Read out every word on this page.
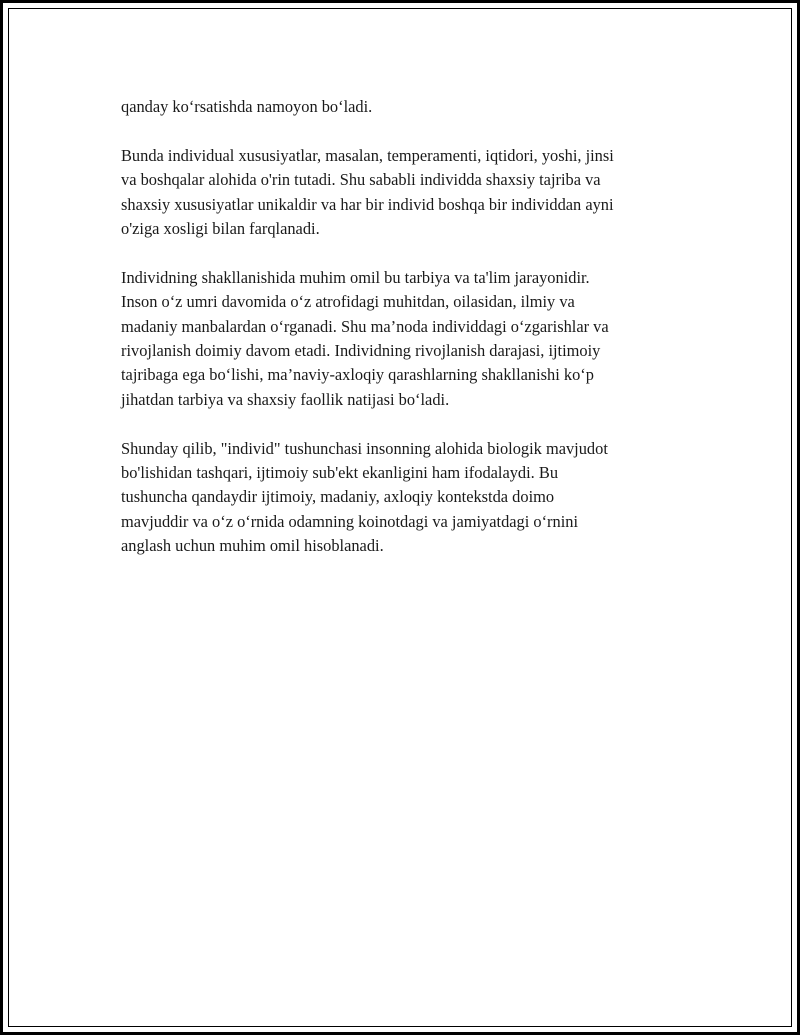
qanday ko‘rsatishda namoyon bo‘ladi.

Bunda individual xususiyatlar, masalan, temperamenti, iqtidori, yoshi, jinsi
va boshqalar alohida o'rin tutadi. Shu sababli individda shaxsiy tajriba va
shaxsiy xususiyatlar unikaldir va har bir individ boshqa bir individdan ayni
o'ziga xosligi bilan farqlanadi.

Individning shakllanishida muhim omil bu tarbiya va ta'lim jarayonidir.
Inson o‘z umri davomida o‘z atrofidagi muhitdan, oilasidan, ilmiy va
madaniy manbalardan o‘rganadi. Shu ma’noda individdagi o‘zgarishlar va
rivojlanish doimiy davom etadi. Individning rivojlanish darajasi, ijtimoiy
tajribaga ega bo‘lishi, ma’naviy-axloqiy qarashlarning shakllanishi ko‘p
jihatdan tarbiya va shaxsiy faollik natijasi bo‘ladi.

Shunday qilib, "individ" tushunchasi insonning alohida biologik mavjudot
bo'lishidan tashqari, ijtimoiy sub'ekt ekanligini ham ifodalaydi. Bu
tushuncha qandaydir ijtimoiy, madaniy, axloqiy kontekstda doimo
mavjuddir va o‘z o‘rnida odamning koinotdagi va jamiyatdagi o‘rnini
anglash uchun muhim omil hisoblanadi.
